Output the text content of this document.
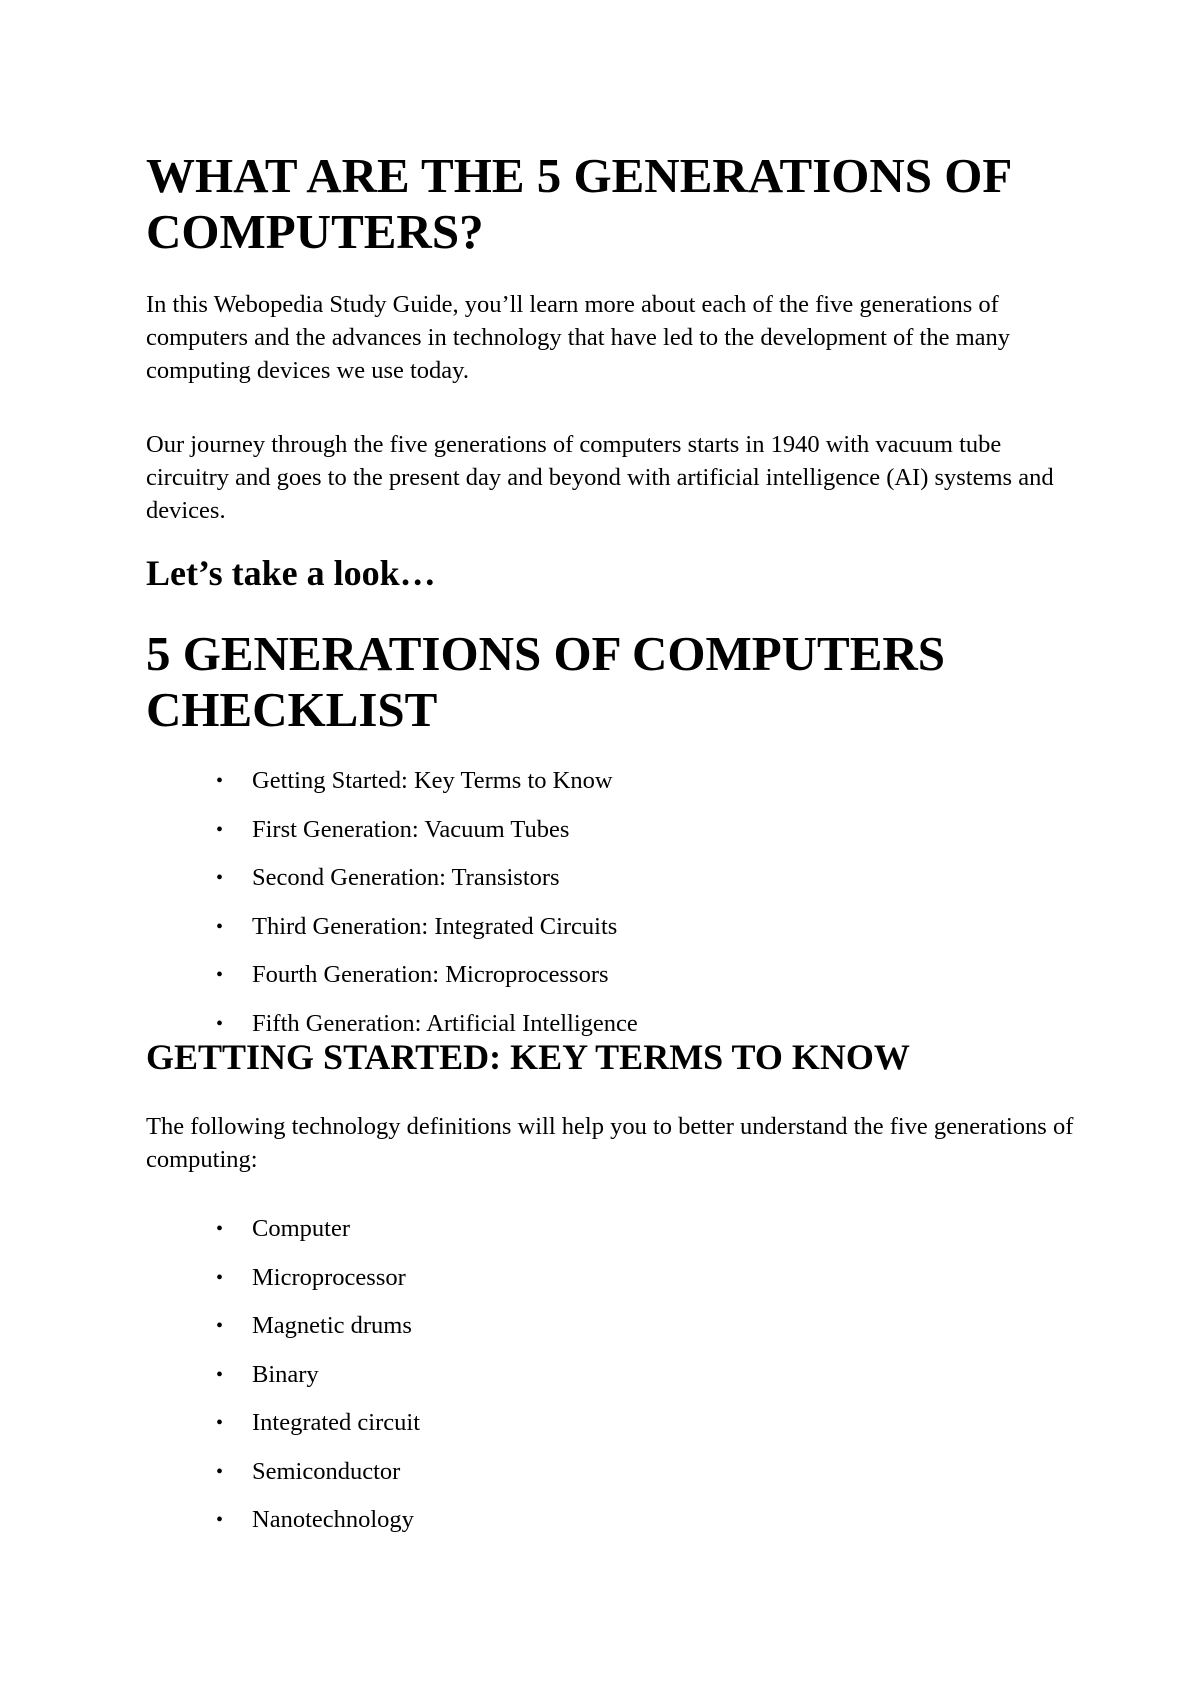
WHAT ARE THE 5 GENERATIONS OF COMPUTERS?

In this Webopedia Study Guide, you’ll learn more about each of the five generations of computers and the advances in technology that have led to the development of the many computing devices we use today.

Our journey through the five generations of computers starts in 1940 with vacuum tube circuitry and goes to the present day and beyond with artificial intelligence (AI) systems and devices.

Let’s take a look…
5 GENERATIONS OF COMPUTERS CHECKLIST
• Getting Started: Key Terms to Know
• First Generation: Vacuum Tubes
• Second Generation: Transistors
• Third Generation: Integrated Circuits
• Fourth Generation: Microprocessors
• Fifth Generation: Artificial Intelligence
GETTING STARTED: KEY TERMS TO KNOW

The following technology definitions will help you to better understand the five generations of computing:

• Computer
• Microprocessor
• Magnetic drums
• Binary
• Integrated circuit
• Semiconductor
• Nanotechnology
